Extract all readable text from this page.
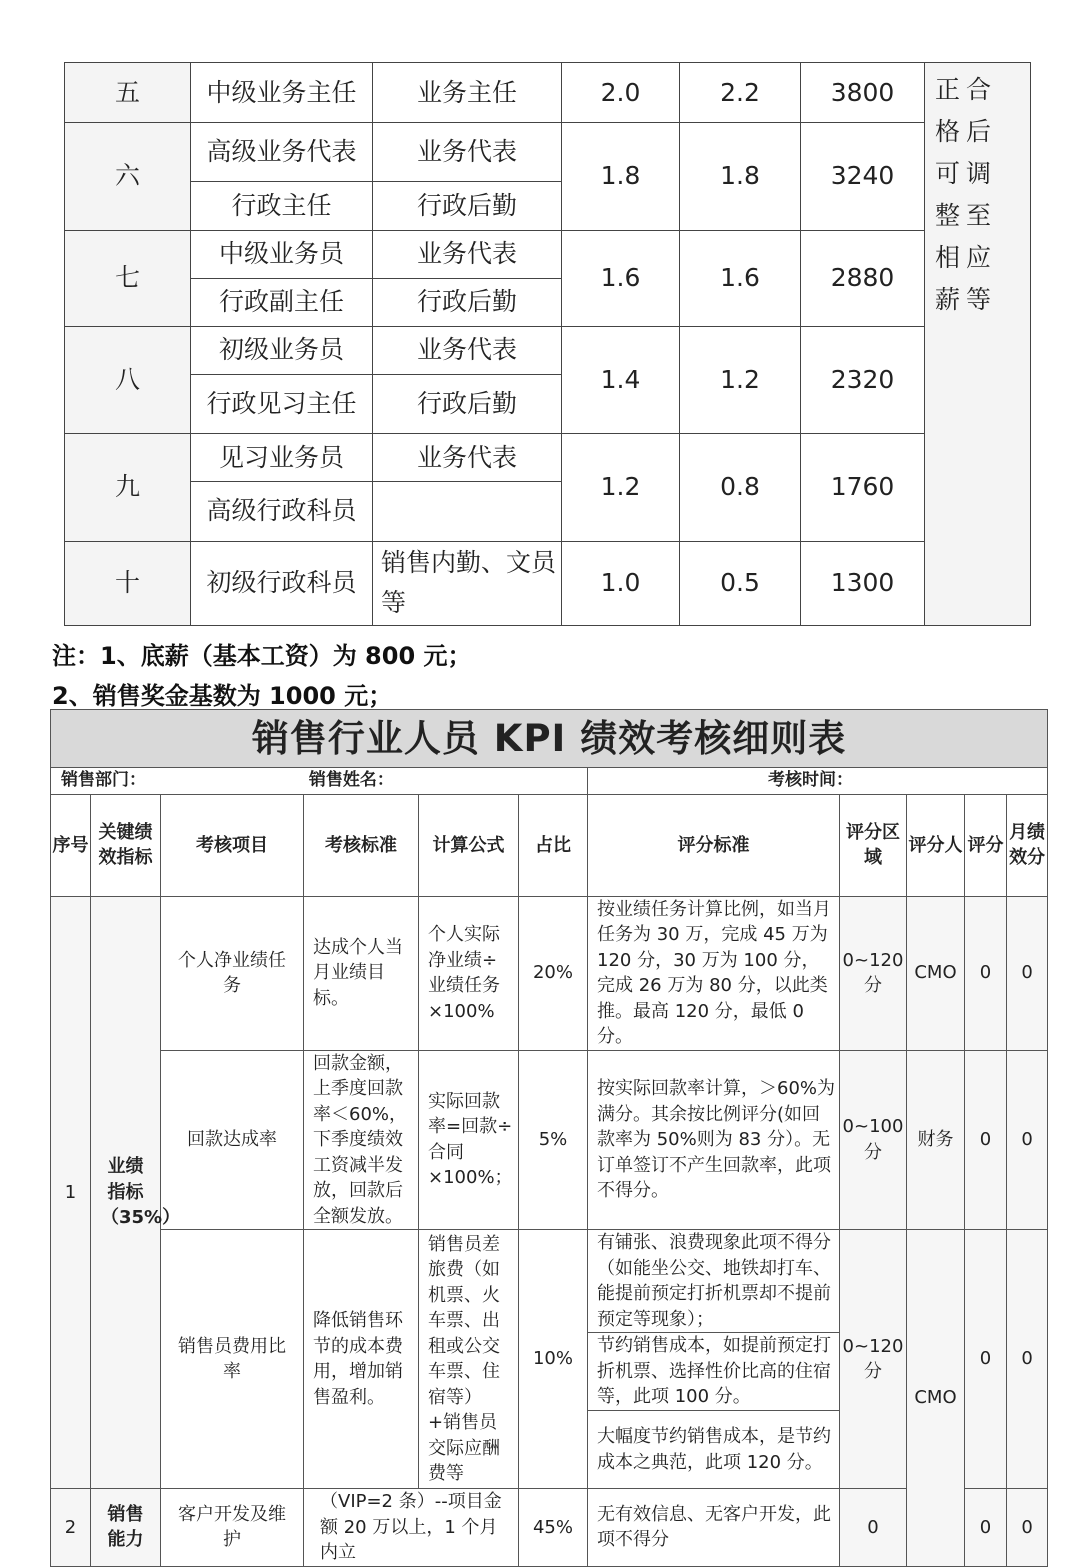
五	中级业务主任	业务主任	2.0	2.2	3800	正合格后可调整至相应薪等
六	高级业务代表	业务代表	1.8	1.8	3240	
	行政主任	行政后勤				
七	中级业务员	业务代表	1.6	1.6	2880	
	行政副主任	行政后勤				
八	初级业务员	业务代表	1.4	1.2	2320	
	行政见习主任	行政后勤				
九	见习业务员	业务代表	1.2	0.8	1760	
	高级行政科员					
十	初级行政科员	销售内勤、文员等	1.0	0.5	1300	

注：1、底薪（基本工资）为 800 元；
2、销售奖金基数为 1000 元；
销售行业人员 KPI 绩效考核细则表										
销售部门： 销售姓名：						考核时间：				
序号	关键绩效指标	考核项目	考核标准	计算公式	占比	评分标准	评分区域	评分人	评分	月绩效分
1	业绩指标（35%）	个人净业绩任务	达成个人当月业绩目标。	个人实际净业绩÷业绩任务×100%	20%	按业绩任务计算比例，如当月任务为 30 万，完成 45 万为 120 分，30 万为 100 分，完成 26 万为 80 分，以此类推。最高 120 分，最低 0 分。	0~120分	CMO	0	0
		回款达成率	回款金额，上季度回款率＜60%，下季度绩效工资减半发放，回款后全额发放。	实际回款率=回款÷合同×100%；	5%	按实际回款率计算，＞60%为满分。其余按比例评分(如回款率为 50%则为 83 分）。无订单签订不产生回款率，此项不得分。	0~100分	财务	0	0
		销售员费用比率	降低销售环节的成本费用，增加销售盈利。	销售员差旅费（如机票、火车票、出租或公交车票、住宿等）+销售员交际应酬费等	10%	有铺张、浪费现象此项不得分（如能坐公交、地铁却打车、能提前预定打折机票却不提前预定等现象）；	0~120分	CMO	0	0
						节约销售成本，如提前预定打折机票、选择性价比高的住宿等，此项 100 分。				
						大幅度节约销售成本，是节约成本之典范，此项 120 分。				
2	销售能力	客户开发及维护	（VIP=2 条）--项目金额 20 万以上，1 个月内立		45%	无有效信息、无客户开发，此项不得分	0		0	0
